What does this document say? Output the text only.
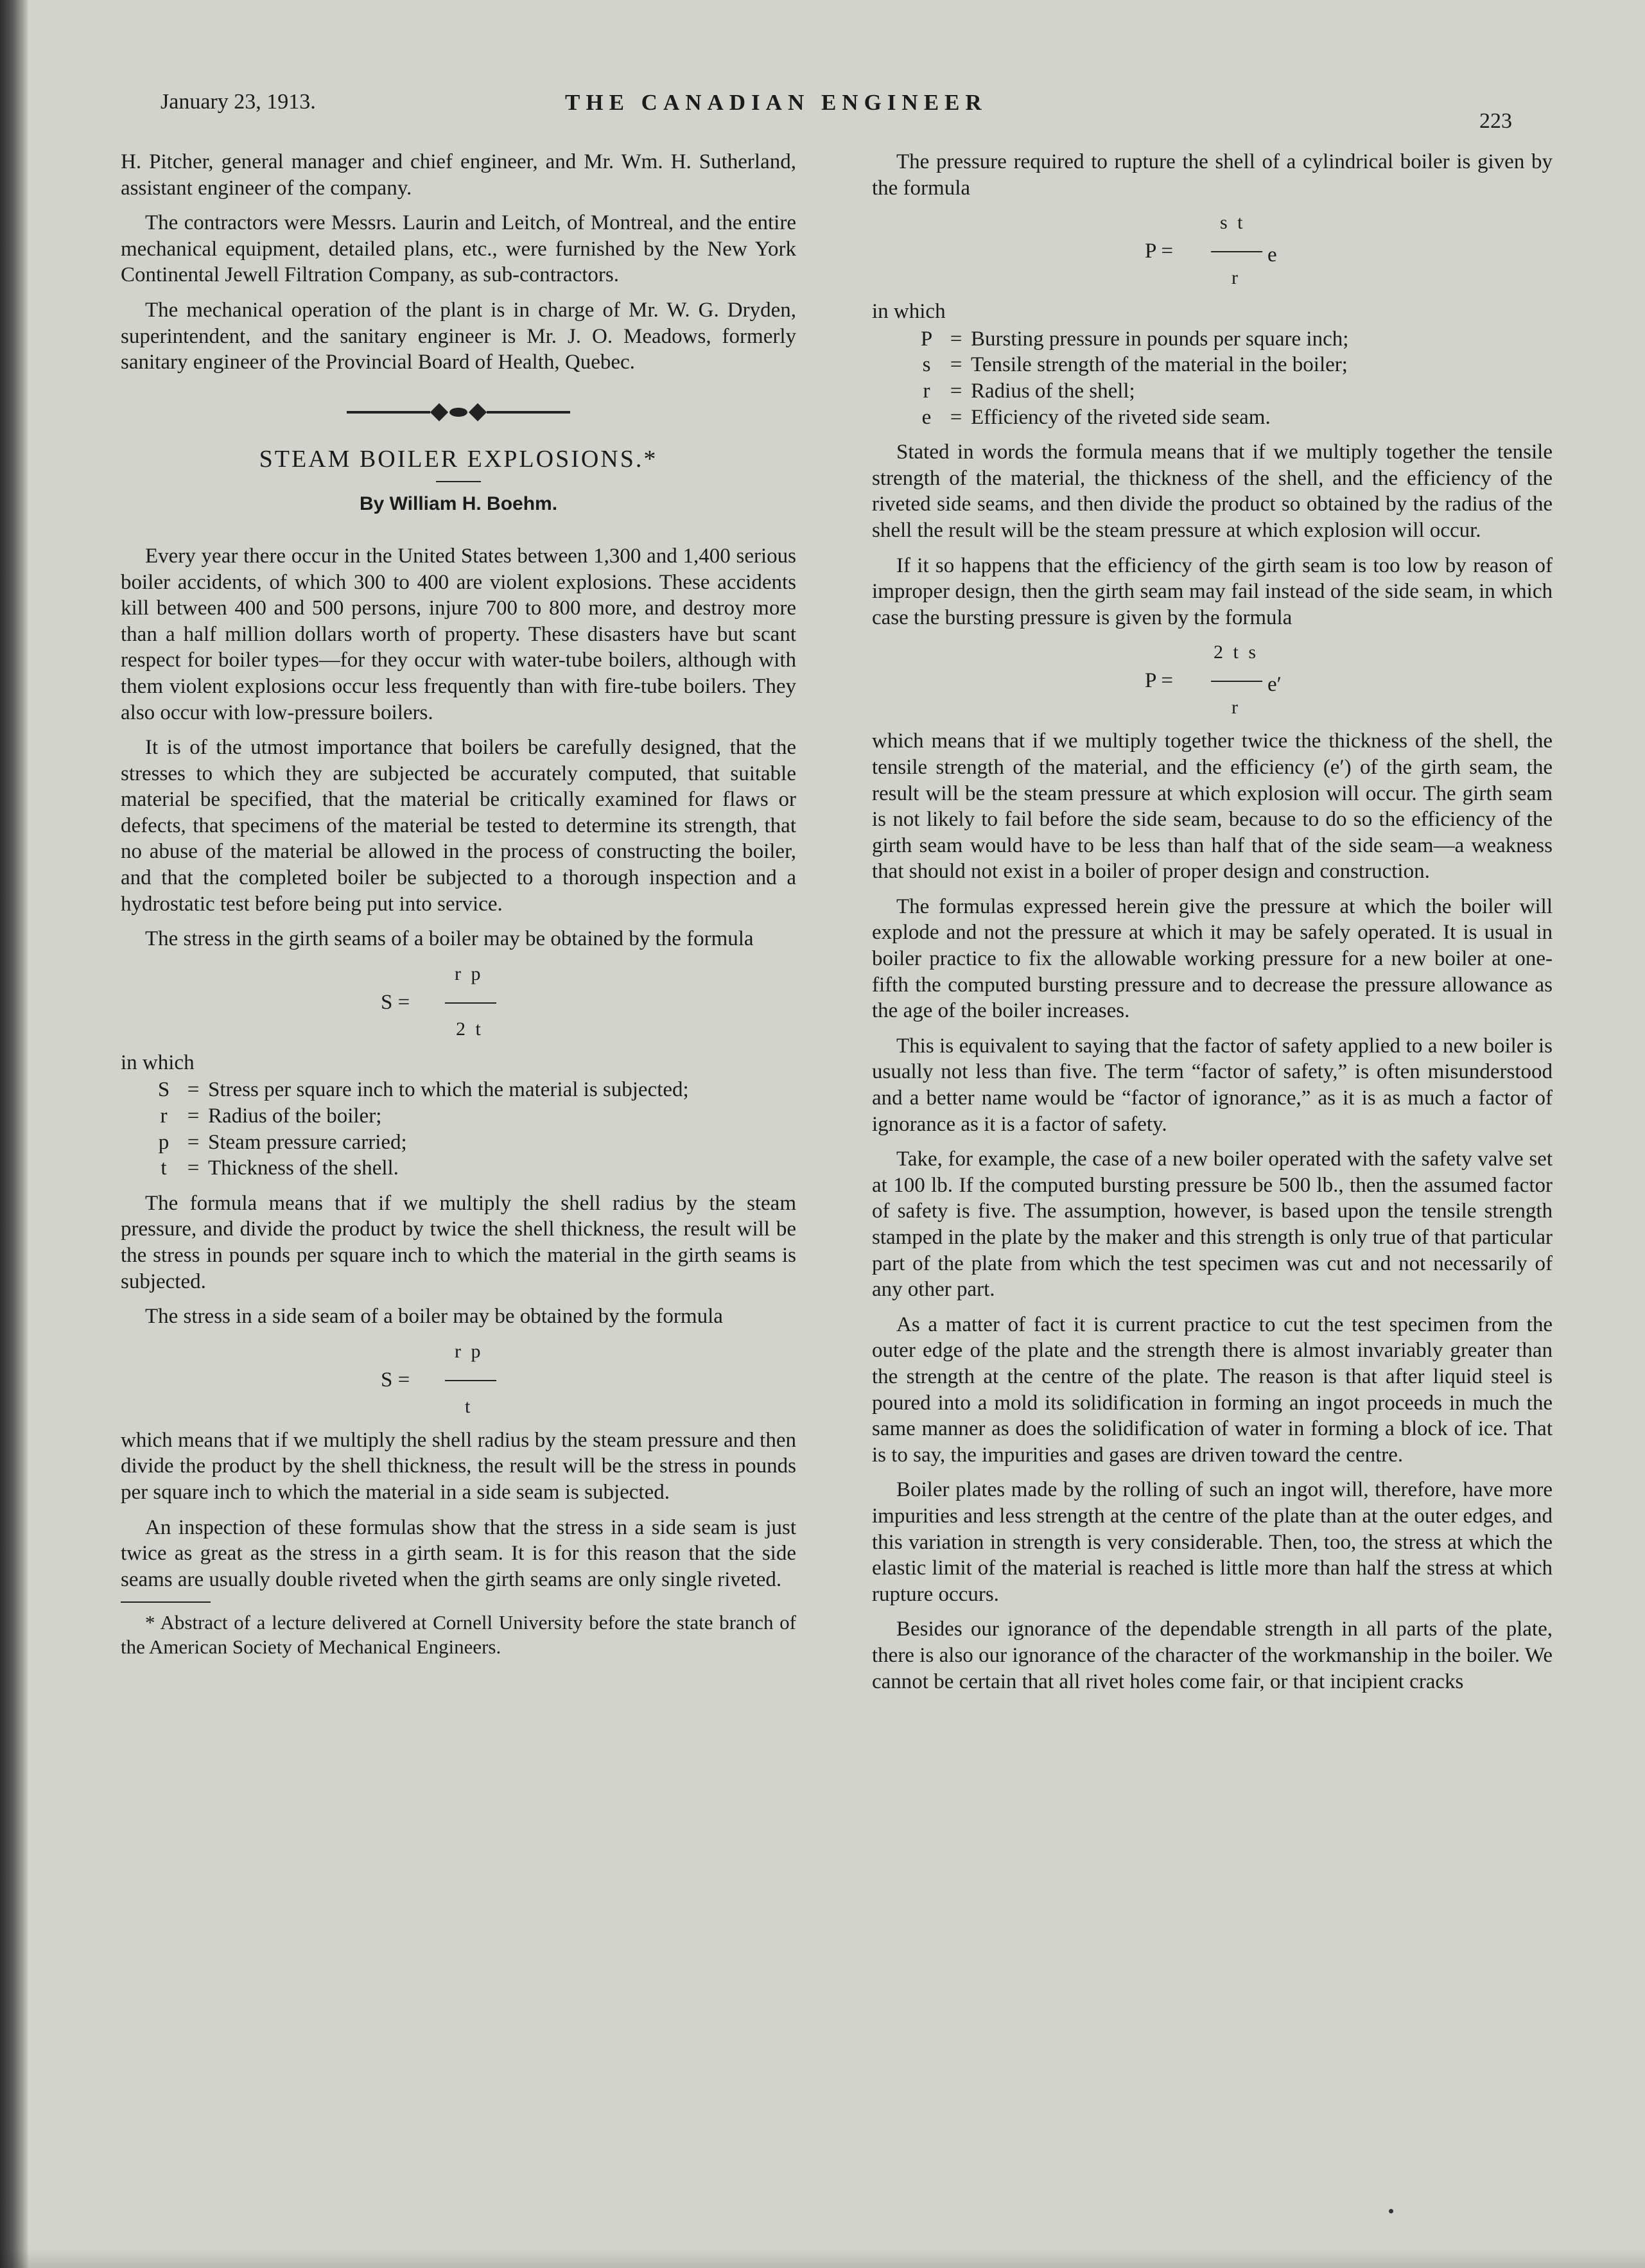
January 23, 1913.	THE CANADIAN ENGINEER
223

H. Pitcher, general manager and chief engineer, and Mr. Wm. H. Sutherland, assistant engineer of the company.

The contractors were Messrs. Laurin and Leitch, of Montreal, and the entire mechanical equipment, detailed plans, etc., were furnished by the New York Continental Jewell Filtration Company, as sub-contractors.

The mechanical operation of the plant is in charge of Mr. W. G. Dryden, superintendent, and the sanitary engineer is Mr. J. O. Meadows, formerly sanitary engineer of the Provincial Board of Health, Quebec.

STEAM BOILER EXPLOSIONS.*
By William H. Boehm.

Every year there occur in the United States between 1,300 and 1,400 serious boiler accidents, of which 300 to 400 are violent explosions. These accidents kill between 400 and 500 persons, injure 700 to 800 more, and destroy more than a half million dollars worth of property. These disasters have but scant respect for boiler types—for they occur with water-tube boilers, although with them violent explosions occur less frequently than with fire-tube boilers. They also occur with low-pressure boilers.

It is of the utmost importance that boilers be carefully designed, that the stresses to which they are subjected be accurately computed, that suitable material be specified, that the material be critically examined for flaws or defects, that specimens of the material be tested to determine its strength, that no abuse of the material be allowed in the process of constructing the boiler, and that the completed boiler be subjected to a thorough inspection and a hydrostatic test before being put into service.

The stress in the girth seams of a boiler may be obtained by the formula

r p
S =
2 t
in which
S = Stress per square inch to which the material is subjected;
r = Radius of the boiler;
p = Steam pressure carried;
t = Thickness of the shell.

The formula means that if we multiply the shell radius by the steam pressure, and divide the product by twice the shell thickness, the result will be the stress in pounds per square inch to which the material in the girth seams is subjected.

The stress in a side seam of a boiler may be obtained by the formula

r p
S =
t

which means that if we multiply the shell radius by the steam pressure and then divide the product by the shell thickness, the result will be the stress in pounds per square inch to which the material in a side seam is subjected.

An inspection of these formulas show that the stress in a side seam is just twice as great as the stress in a girth seam. It is for this reason that the side seams are usually double riveted when the girth seams are only single riveted.

* Abstract of a lecture delivered at Cornell University before the state branch of the American Society of Mechanical Engineers.

The pressure required to rupture the shell of a cylindrical boiler is given by the formula

s t
P =
r
e
in which
P = Bursting pressure in pounds per square inch;
s = Tensile strength of the material in the boiler;
r = Radius of the shell;
e = Efficiency of the riveted side seam.

Stated in words the formula means that if we multiply together the tensile strength of the material, the thickness of the shell, and the efficiency of the riveted side seams, and then divide the product so obtained by the radius of the shell the result will be the steam pressure at which explosion will occur.

If it so happens that the efficiency of the girth seam is too low by reason of improper design, then the girth seam may fail instead of the side seam, in which case the bursting pressure is given by the formula

2 t s
P =
r
e′

which means that if we multiply together twice the thickness of the shell, the tensile strength of the material, and the efficiency (e′) of the girth seam, the result will be the steam pressure at which explosion will occur. The girth seam is not likely to fail before the side seam, because to do so the efficiency of the girth seam would have to be less than half that of the side seam—a weakness that should not exist in a boiler of proper design and construction.

The formulas expressed herein give the pressure at which the boiler will explode and not the pressure at which it may be safely operated. It is usual in boiler practice to fix the allowable working pressure for a new boiler at one-fifth the computed bursting pressure and to decrease the pressure allowance as the age of the boiler increases.

This is equivalent to saying that the factor of safety applied to a new boiler is usually not less than five. The term “factor of safety,” is often misunderstood and a better name would be “factor of ignorance,” as it is as much a factor of ignorance as it is a factor of safety.

Take, for example, the case of a new boiler operated with the safety valve set at 100 lb. If the computed bursting pressure be 500 lb., then the assumed factor of safety is five. The assumption, however, is based upon the tensile strength stamped in the plate by the maker and this strength is only true of that particular part of the plate from which the test specimen was cut and not necessarily of any other part.

As a matter of fact it is current practice to cut the test specimen from the outer edge of the plate and the strength there is almost invariably greater than the strength at the centre of the plate. The reason is that after liquid steel is poured into a mold its solidification in forming an ingot proceeds in much the same manner as does the solidification of water in forming a block of ice. That is to say, the impurities and gases are driven toward the centre.

Boiler plates made by the rolling of such an ingot will, therefore, have more impurities and less strength at the centre of the plate than at the outer edges, and this variation in strength is very considerable. Then, too, the stress at which the elastic limit of the material is reached is little more than half the stress at which rupture occurs.

Besides our ignorance of the dependable strength in all parts of the plate, there is also our ignorance of the character of the workmanship in the boiler. We cannot be certain that all rivet holes come fair, or that incipient cracks
